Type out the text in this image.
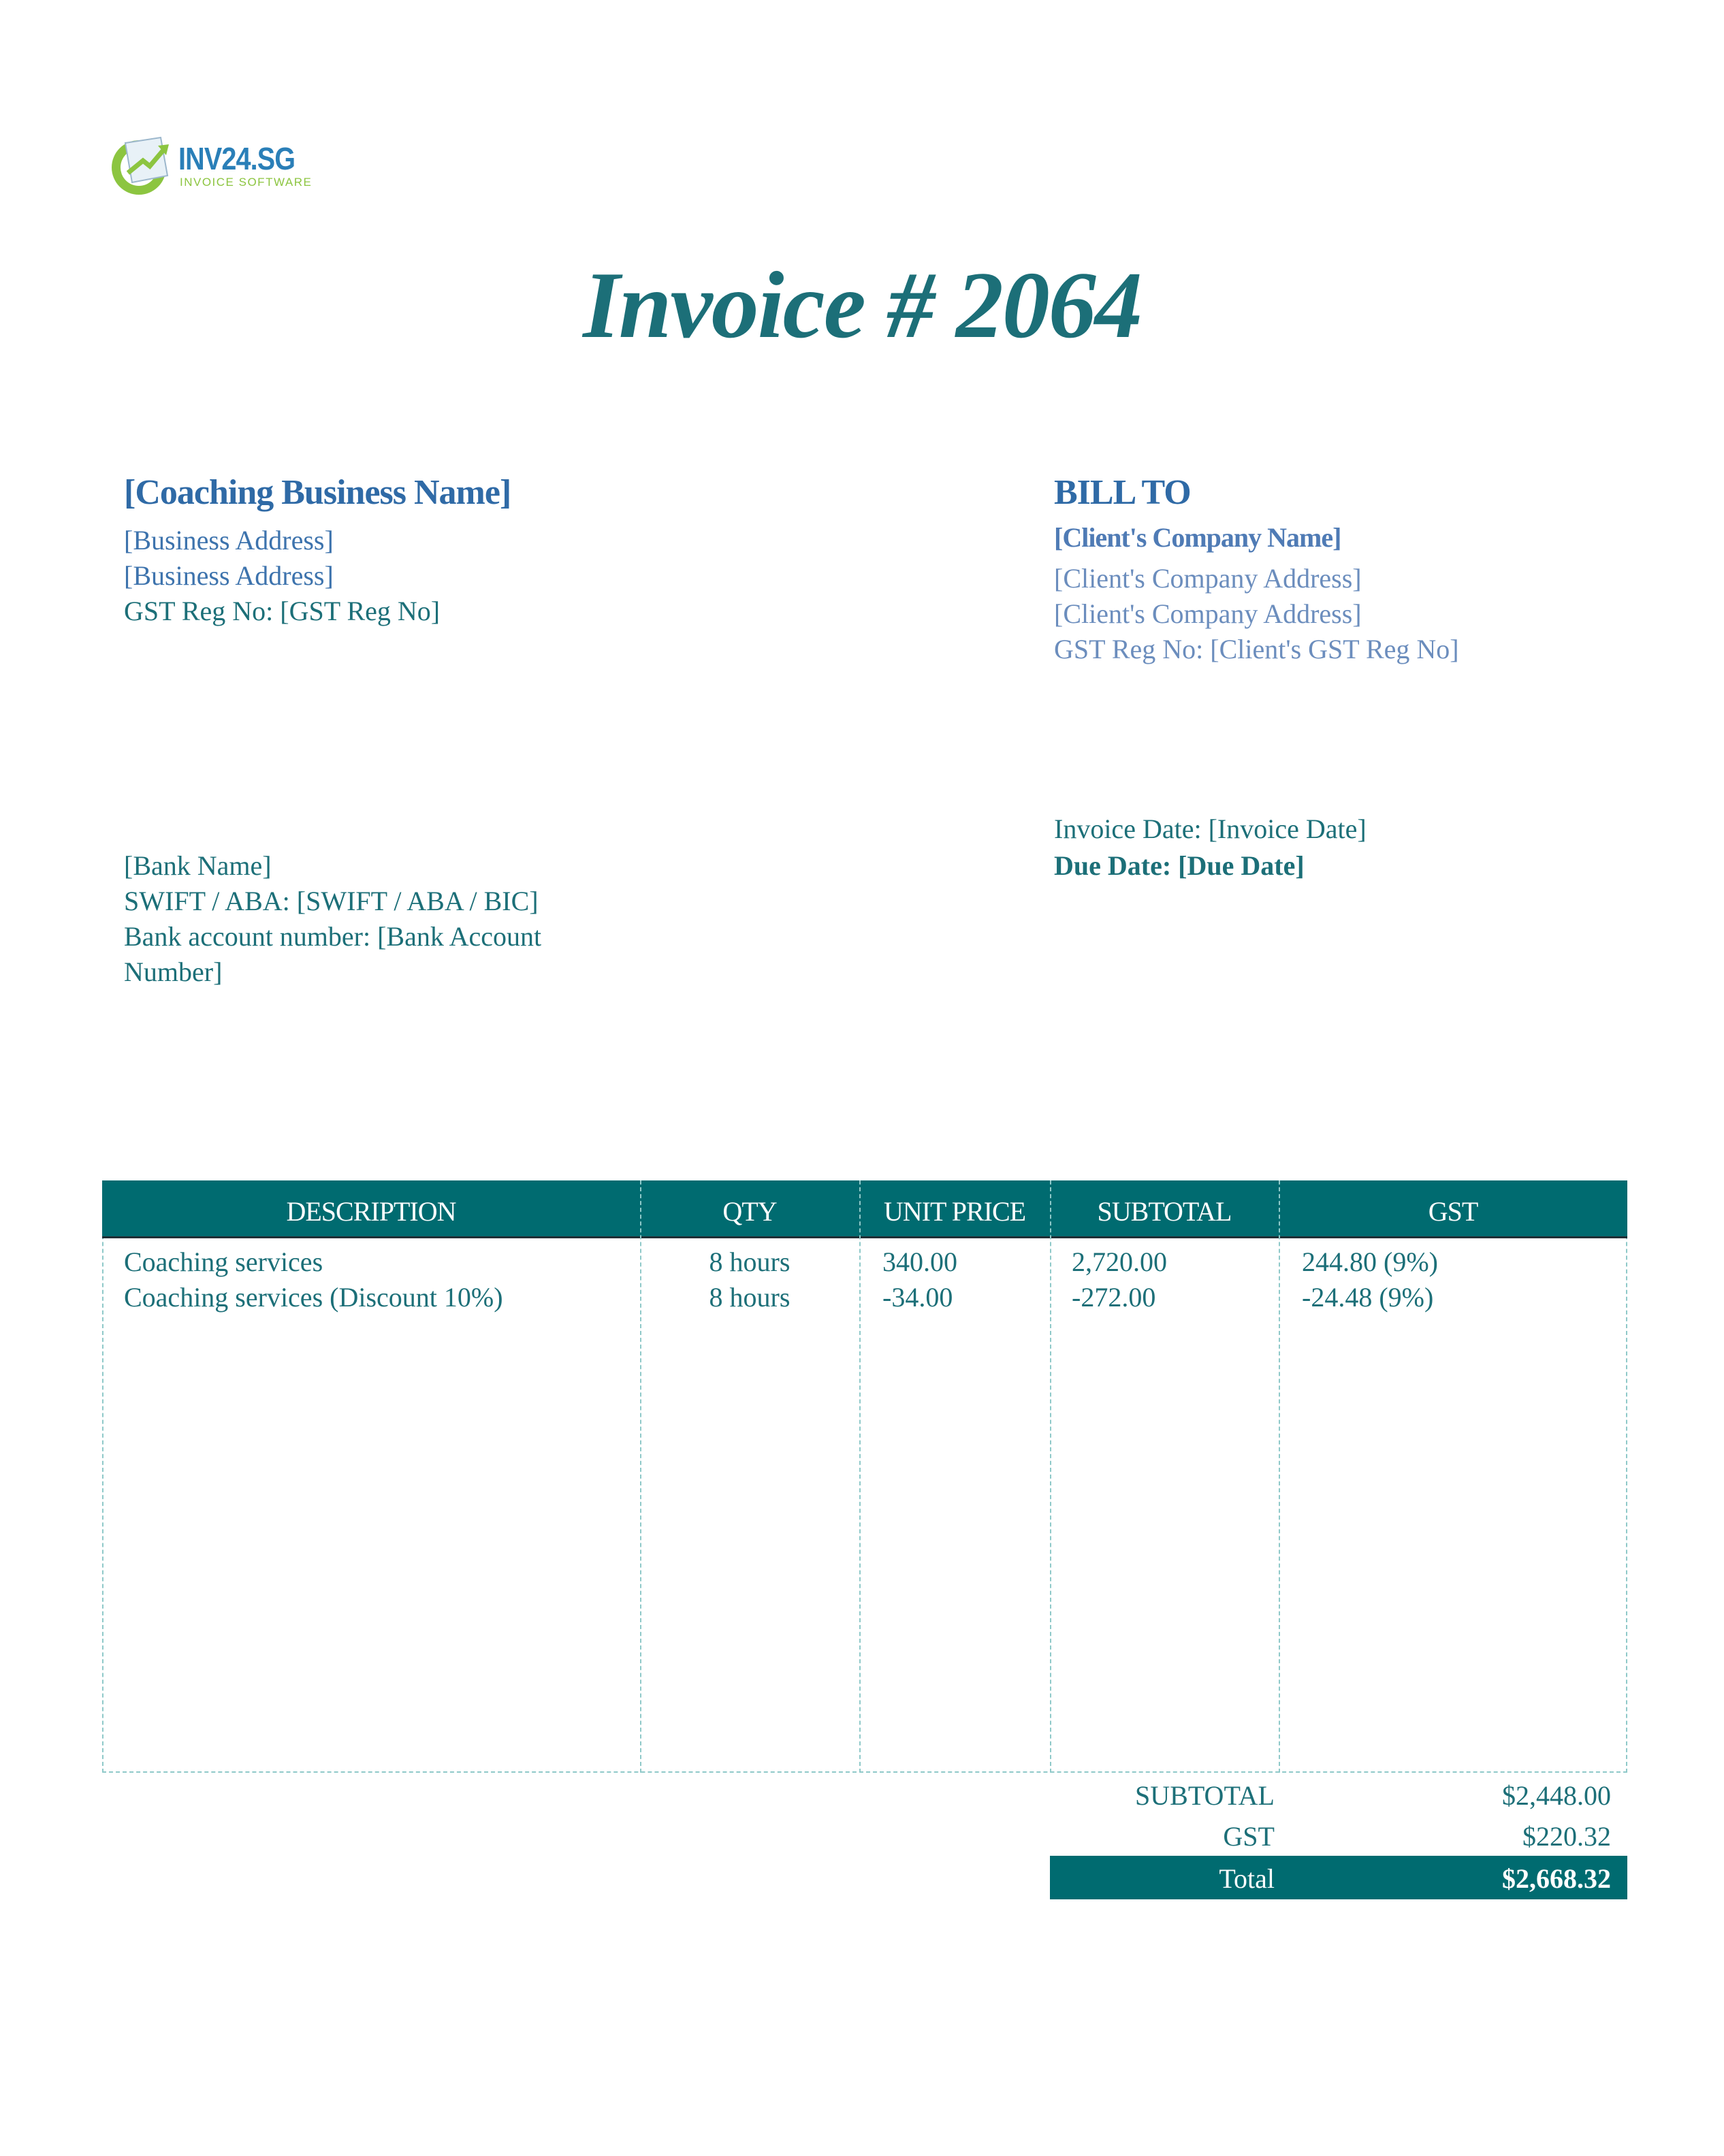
INV24.SG
INVOICE SOFTWARE
Invoice # 2064
[Coaching Business Name]
[Business Address]
[Business Address]
GST Reg No: [GST Reg No]
BILL TO
[Client's Company Name]
[Client's Company Address]
[Client's Company Address]
GST Reg No: [Client's GST Reg No]
[Bank Name]
SWIFT / ABA: [SWIFT / ABA / BIC]
Bank account number: [Bank Account
Number]
Invoice Date: [Invoice Date]
Due Date: [Due Date]
DESCRIPTION	QTY	UNIT PRICE	SUBTOTAL	GST
Coaching services	8 hours	340.00	2,720.00	244.80 (9%)
Coaching services (Discount 10%)	8 hours	-34.00	-272.00	-24.48 (9%)
SUBTOTAL	$2,448.00
GST	$220.32
Total	$2,668.32
